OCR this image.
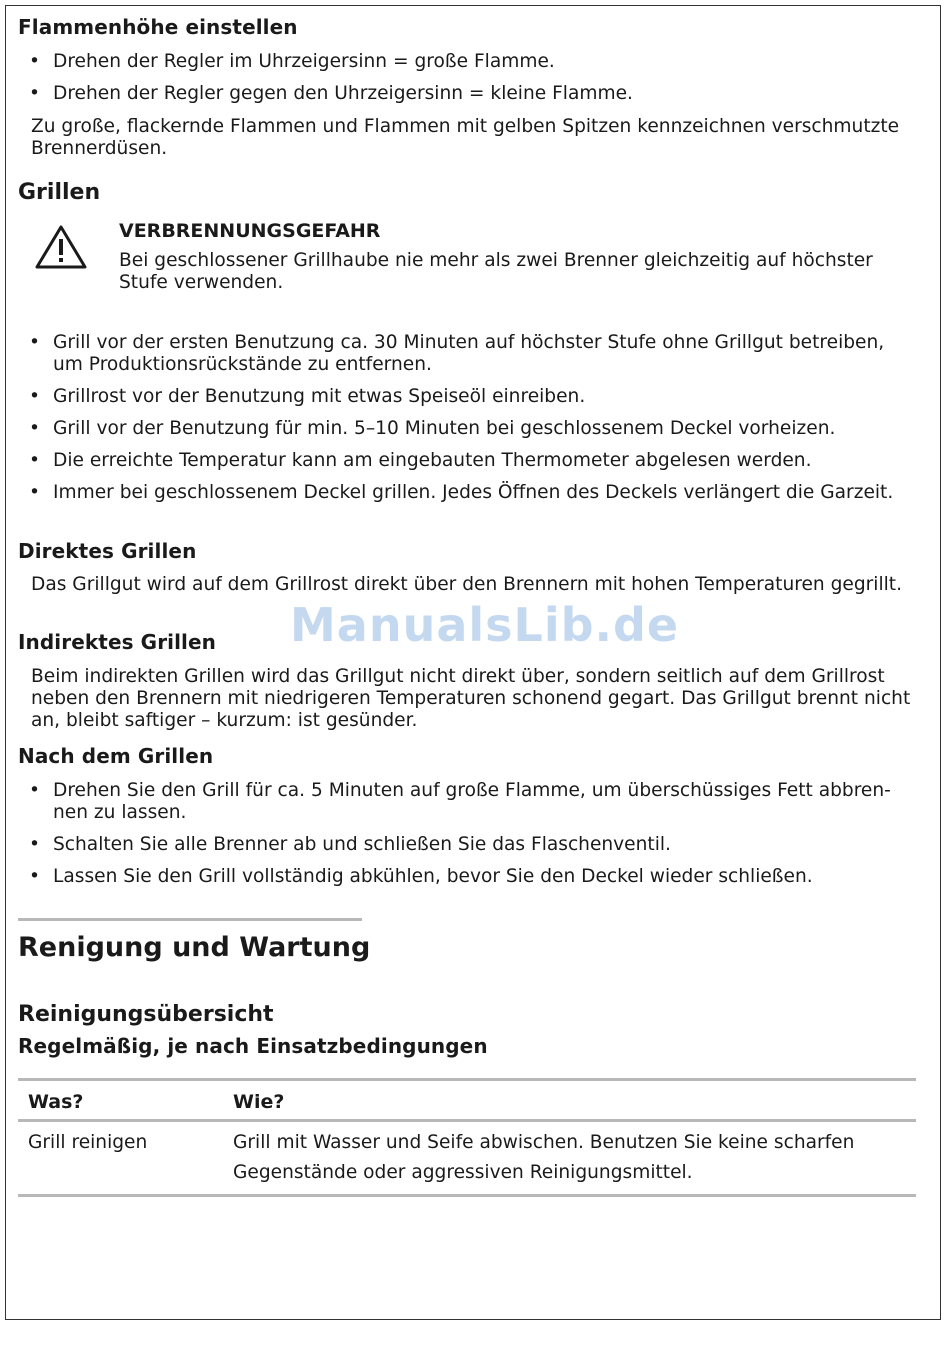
Flammenhöhe einstellen
• Drehen der Regler im Uhrzeigersinn = große Flamme.
• Drehen der Regler gegen den Uhrzeigersinn = kleine Flamme.

Zu große, flackernde Flammen und Flammen mit gelben Spitzen kennzeichnen verschmutzte Brennerdüsen.

Grillen
VERBRENNUNGSGEFAHR

Bei geschlossener Grillhaube nie mehr als zwei Brenner gleichzeitig auf höchster Stufe verwenden.

• Grill vor der ersten Benutzung ca. 30 Minuten auf höchster Stufe ohne Grillgut betreiben, um Produktionsrückstände zu entfernen.
• Grillrost vor der Benutzung mit etwas Speiseöl einreiben.
• Grill vor der Benutzung für min. 5–10 Minuten bei geschlossenem Deckel vorheizen.
• Die erreichte Temperatur kann am eingebauten Thermometer abgelesen werden.
• Immer bei geschlossenem Deckel grillen. Jedes Öffnen des Deckels verlängert die Garzeit.
Direktes Grillen

Das Grillgut wird auf dem Grillrost direkt über den Brennern mit hohen Temperaturen gegrillt.

Indirektes Grillen

Beim indirekten Grillen wird das Grillgut nicht direkt über, sondern seitlich auf dem Grillrost neben den Brennern mit niedrigeren Temperaturen schonend gegart. Das Grillgut brennt nicht an, bleibt saftiger – kurzum: ist gesünder.

ManualsLib.de
Nach dem Grillen
• Drehen Sie den Grill für ca. 5 Minuten auf große Flamme, um überschüssiges Fett abbrennen zu lassen.
• Schalten Sie alle Brenner ab und schließen Sie das Flaschenventil.
• Lassen Sie den Grill vollständig abkühlen, bevor Sie den Deckel wieder schließen.
Renigung und Wartung
Reinigungsübersicht
Regelmäßig, je nach Einsatzbedingungen
Was?	Wie?
Grill reinigen	Grill mit Wasser und Seife abwischen. Benutzen Sie keine scharfen Gegenstände oder aggressiven Reinigungsmittel.
